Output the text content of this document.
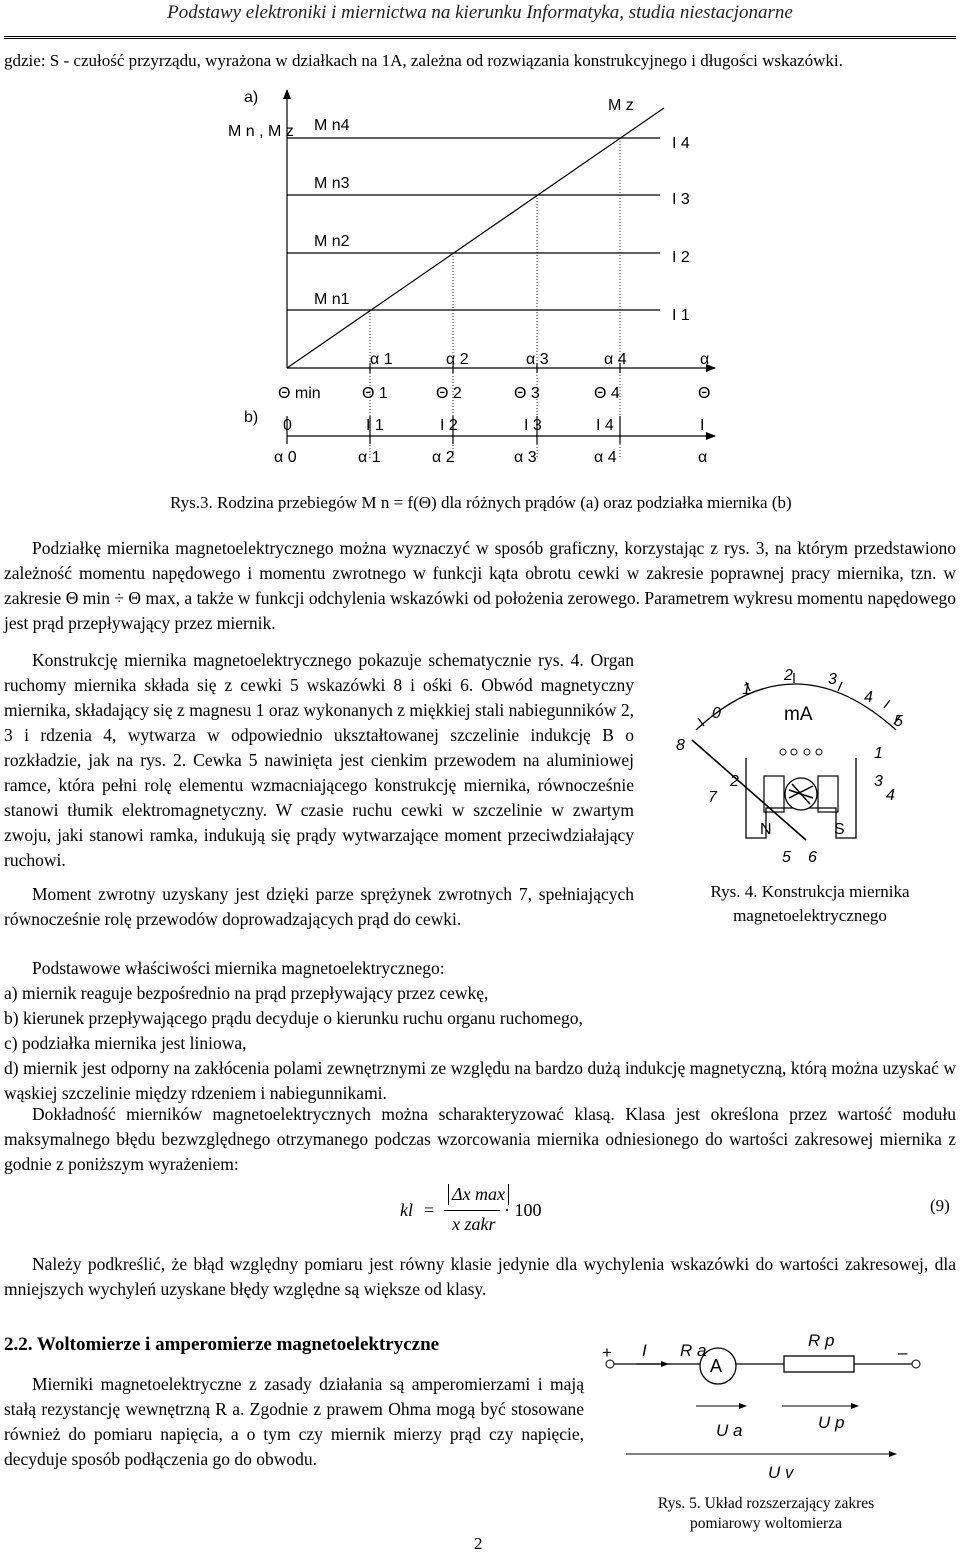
Podstawy elektroniki i miernictwa na kierunku Informatyka, studia niestacjonarne
gdzie: S - czułość przyrządu, wyrażona w działkach na 1A, zależna od rozwiązania konstrukcyjnego i długości wskazówki.
a)
M n , M z
M z
M n4
M n3
M n2
M n1
I 4
I 3
I 2
I 1
α 1	α 2	α 3	α 4	α
Θ min	Θ 1	Θ 2	Θ 3	Θ 4	Θ
b) 0	I 1	I 2	I 3	I 4	I
α 0	α 1	α 2	α 3	α 4	α
Rys.3. Rodzina przebiegów M n = f(Θ) dla różnych prądów (a) oraz podziałka miernika (b)
Podziałkę miernika magnetoelektrycznego można wyznaczyć w sposób graficzny, korzystając z rys. 3, na którym przedstawiono zależność momentu napędowego i momentu zwrotnego w funkcji kąta obrotu cewki w zakresie poprawnej pracy miernika, tzn. w zakresie Θ min ÷ Θ max, a także w funkcji odchylenia wskazówki od położenia zerowego. Parametrem wykresu momentu napędowego jest prąd przepływający przez miernik.
Konstrukcję miernika magnetoelektrycznego pokazuje schematycznie rys. 4. Organ ruchomy miernika składa się z cewki 5 wskazówki 8 i ośki 6. Obwód magnetyczny miernika, składający się z magnesu 1 oraz wykonanych z miękkiej stali nabiegunników 2, 3 i rdzenia 4, wytwarza w odpowiednio ukształtowanej szczelinie indukcję B o rozkładzie, jak na rys. 2. Cewka 5 nawinięta jest cienkim przewodem na aluminiowej ramce, która pełni rolę elementu wzmacniającego konstrukcję miernika, równocześnie stanowi tłumik elektromagnetyczny. W czasie ruchu cewki w szczelinie w zwartym zwoju, jaki stanowi ramka, indukują się prądy wytwarzające moment przeciwdziałający ruchowi.
Moment zwrotny uzyskany jest dzięki parze sprężynek zwrotnych 7, spełniających równocześnie rolę przewodów doprowadzających prąd do cewki.
0
1
2 3
4
5
mA
8	1
2	3
7	4
N	S
5 6
Rys. 4. Konstrukcja miernika
magnetoelektrycznego
Podstawowe właściwości miernika magnetoelektrycznego:
a) miernik reaguje bezpośrednio na prąd przepływający przez cewkę,
b) kierunek przepływającego prądu decyduje o kierunku ruchu organu ruchomego,
c) podziałka miernika jest liniowa,
d) miernik jest odporny na zakłócenia polami zewnętrznymi ze względu na bardzo dużą indukcję magnetyczną, którą można uzyskać w wąskiej szczelinie między rdzeniem i nabiegunnikami.
Dokładność mierników magnetoelektrycznych można scharakteryzować klasą. Klasa jest określona przez wartość modułu maksymalnego błędu bezwzględnego otrzymanego podczas wzorcowania miernika odniesionego do wartości zakresowej miernika z godnie z poniższym wyrażeniem:
kl =
Δx max
x zakr
· 100	(9)
Należy podkreślić, że błąd względny pomiaru jest równy klasie jedynie dla wychylenia wskazówki do wartości zakresowej, dla mniejszych wychyleń uzyskane błędy względne są większe od klasy.
2.2. Woltomierze i amperomierze magnetoelektryczne
Mierniki magnetoelektryczne z zasady działania są amperomierzami i mają stałą rezystancję wewnętrzną R a. Zgodnie z prawem Ohma mogą być stosowane również do pomiaru napięcia, a o tym czy miernik mierzy prąd czy napięcie, decyduje sposób podłączenia go do obwodu.
+	–
I R a
A
R p
U a	U p
U v
Rys. 5. Układ rozszerzający zakres
pomiarowy woltomierza
2
